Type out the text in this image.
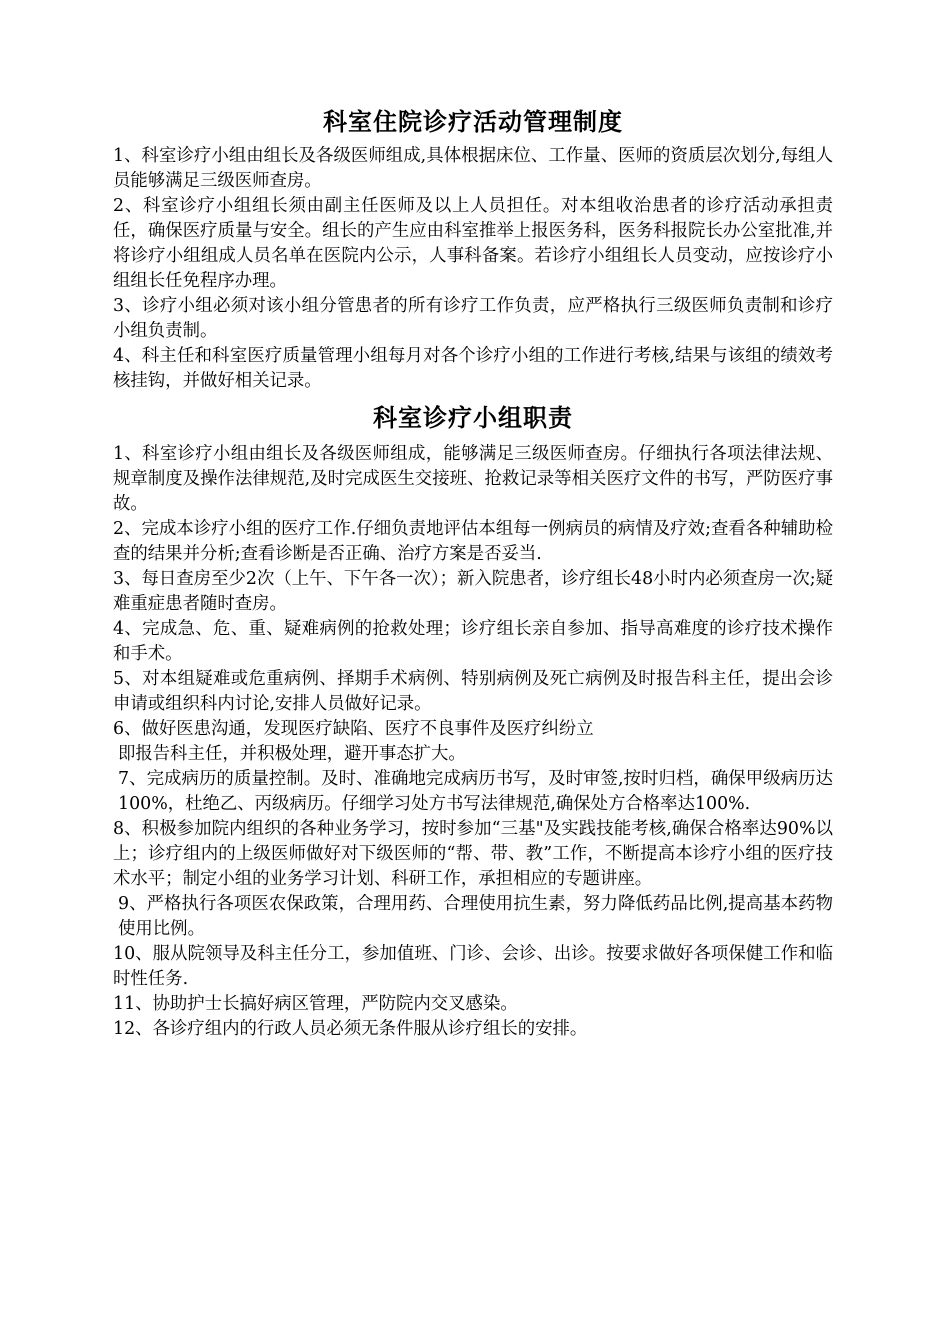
科室住院诊疗活动管理制度

1、科室诊疗小组由组长及各级医师组成,具体根据床位、工作量、医师的资质层次划分,每组人员能够满足三级医师查房。

2、科室诊疗小组组长须由副主任医师及以上人员担任。对本组收治患者的诊疗活动承担责任，确保医疗质量与安全。组长的产生应由科室推举上报医务科，医务科报院长办公室批准,并将诊疗小组组成人员名单在医院内公示，人事科备案。若诊疗小组组长人员变动，应按诊疗小组组长任免程序办理。

3、诊疗小组必须对该小组分管患者的所有诊疗工作负责，应严格执行三级医师负责制和诊疗小组负责制。

4、科主任和科室医疗质量管理小组每月对各个诊疗小组的工作进行考核,结果与该组的绩效考核挂钩，并做好相关记录。

科室诊疗小组职责

1、科室诊疗小组由组长及各级医师组成，能够满足三级医师查房。仔细执行各项法律法规、规章制度及操作法律规范,及时完成医生交接班、抢救记录等相关医疗文件的书写，严防医疗事故。

2、完成本诊疗小组的医疗工作.仔细负责地评估本组每一例病员的病情及疗效;查看各种辅助检查的结果并分析;查看诊断是否正确、治疗方案是否妥当.

3、每日查房至少2次（上午、下午各一次）；新入院患者，诊疗组长48小时内必须查房一次;疑难重症患者随时查房。

4、完成急、危、重、疑难病例的抢救处理；诊疗组长亲自参加、指导高难度的诊疗技术操作和手术。

5、对本组疑难或危重病例、择期手术病例、特别病例及死亡病例及时报告科主任，提出会诊申请或组织科内讨论,安排人员做好记录。

6、做好医患沟通，发现医疗缺陷、医疗不良事件及医疗纠纷立

即报告科主任，并积极处理，避开事态扩大。

7、完成病历的质量控制。及时、准确地完成病历书写，及时审签,按时归档，确保甲级病历达100%，杜绝乙、丙级病历。仔细学习处方书写法律规范,确保处方合格率达100%.

8、积极参加院内组织的各种业务学习，按时参加“三基"及实践技能考核,确保合格率达90%以上；诊疗组内的上级医师做好对下级医师的“帮、带、教”工作，不断提高本诊疗小组的医疗技术水平；制定小组的业务学习计划、科研工作，承担相应的专题讲座。

9、严格执行各项医农保政策，合理用药、合理使用抗生素，努力降低药品比例,提高基本药物使用比例。

10、服从院领导及科主任分工，参加值班、门诊、会诊、出诊。按要求做好各项保健工作和临时性任务.

11、协助护士长搞好病区管理，严防院内交叉感染。

12、各诊疗组内的行政人员必须无条件服从诊疗组长的安排。
